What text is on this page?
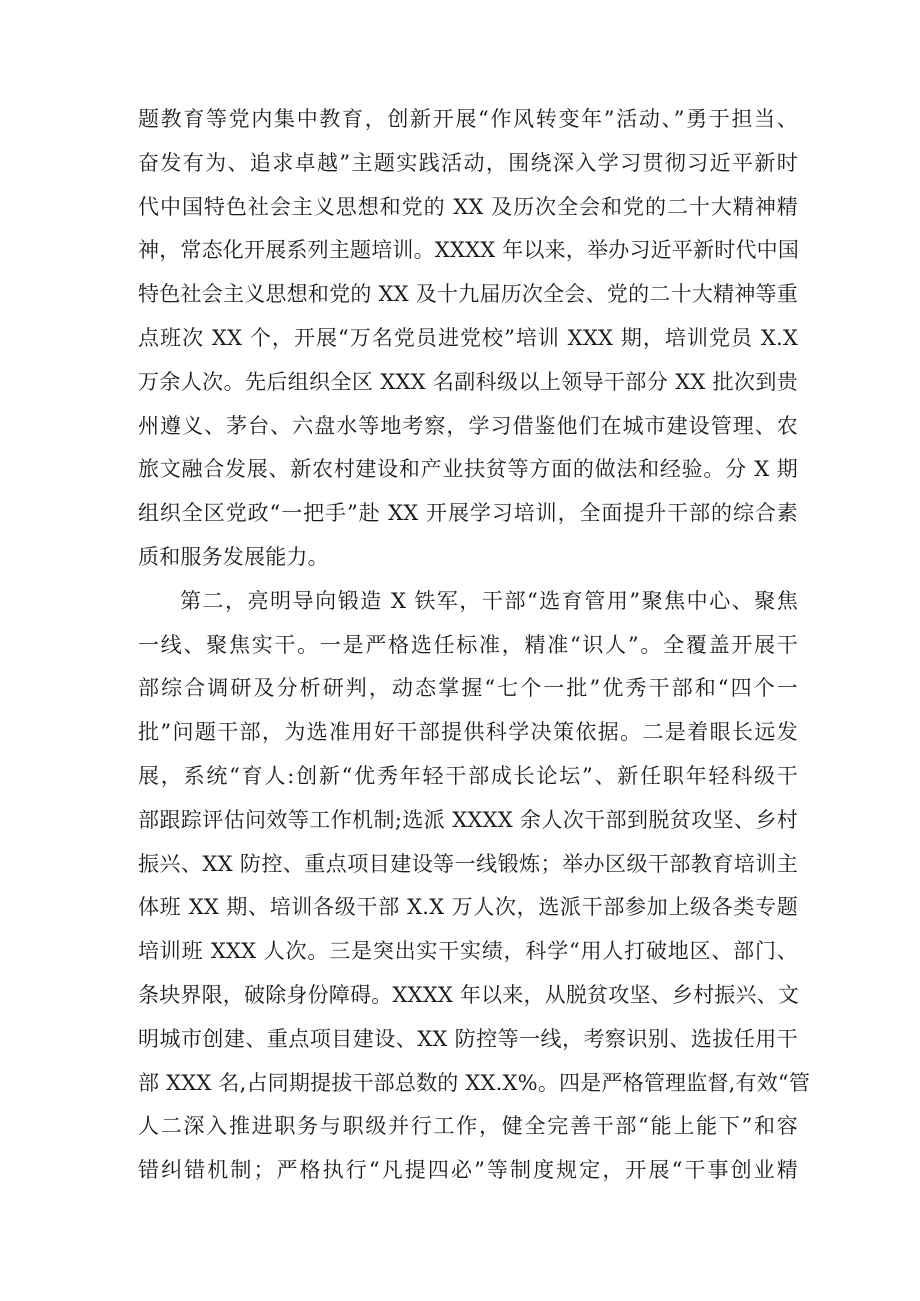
题教育等党内集中教育，创新开展“作风转变年”活动、”勇于担当、
奋发有为、追求卓越”主题实践活动，围绕深入学习贯彻习近平新时
代中国特色社会主义思想和党的 XX 及历次全会和党的二十大精神精
神，常态化开展系列主题培训。XXXX 年以来，举办习近平新时代中国
特色社会主义思想和党的 XX 及十九届历次全会、党的二十大精神等重
点班次 XX 个，开展“万名党员进党校”培训 XXX 期，培训党员 X.X
万余人次。先后组织全区 XXX 名副科级以上领导干部分 XX 批次到贵
州遵义、茅台、六盘水等地考察，学习借鉴他们在城市建设管理、农
旅文融合发展、新农村建设和产业扶贫等方面的做法和经验。分 X 期
组织全区党政“一把手”赴 XX 开展学习培训，全面提升干部的综合素
质和服务发展能力。
第二，亮明导向锻造 X 铁军，干部“选育管用”聚焦中心、聚焦
一线、聚焦实干。一是严格选任标准，精准“识人”。全覆盖开展干
部综合调研及分析研判，动态掌握“七个一批”优秀干部和“四个一
批”问题干部，为选准用好干部提供科学决策依据。二是着眼长远发
展，系统“育人:创新“优秀年轻干部成长论坛”、新任职年轻科级干
部跟踪评估问效等工作机制;选派 XXXX 余人次干部到脱贫攻坚、乡村
振兴、XX 防控、重点项目建设等一线锻炼；举办区级干部教育培训主
体班 XX 期、培训各级干部 X.X 万人次，选派干部参加上级各类专题
培训班 XXX 人次。三是突出实干实绩，科学“用人打破地区、部门、
条块界限，破除身份障碍。XXXX 年以来，从脱贫攻坚、乡村振兴、文
明城市创建、重点项目建设、XX 防控等一线，考察识别、选拔任用干
部 XXX 名,占同期提拔干部总数的 XX.X%。四是严格管理监督,有效“管
人二深入推进职务与职级并行工作，健全完善干部“能上能下”和容
错纠错机制；严格执行“凡提四必”等制度规定，开展“干事创业精
